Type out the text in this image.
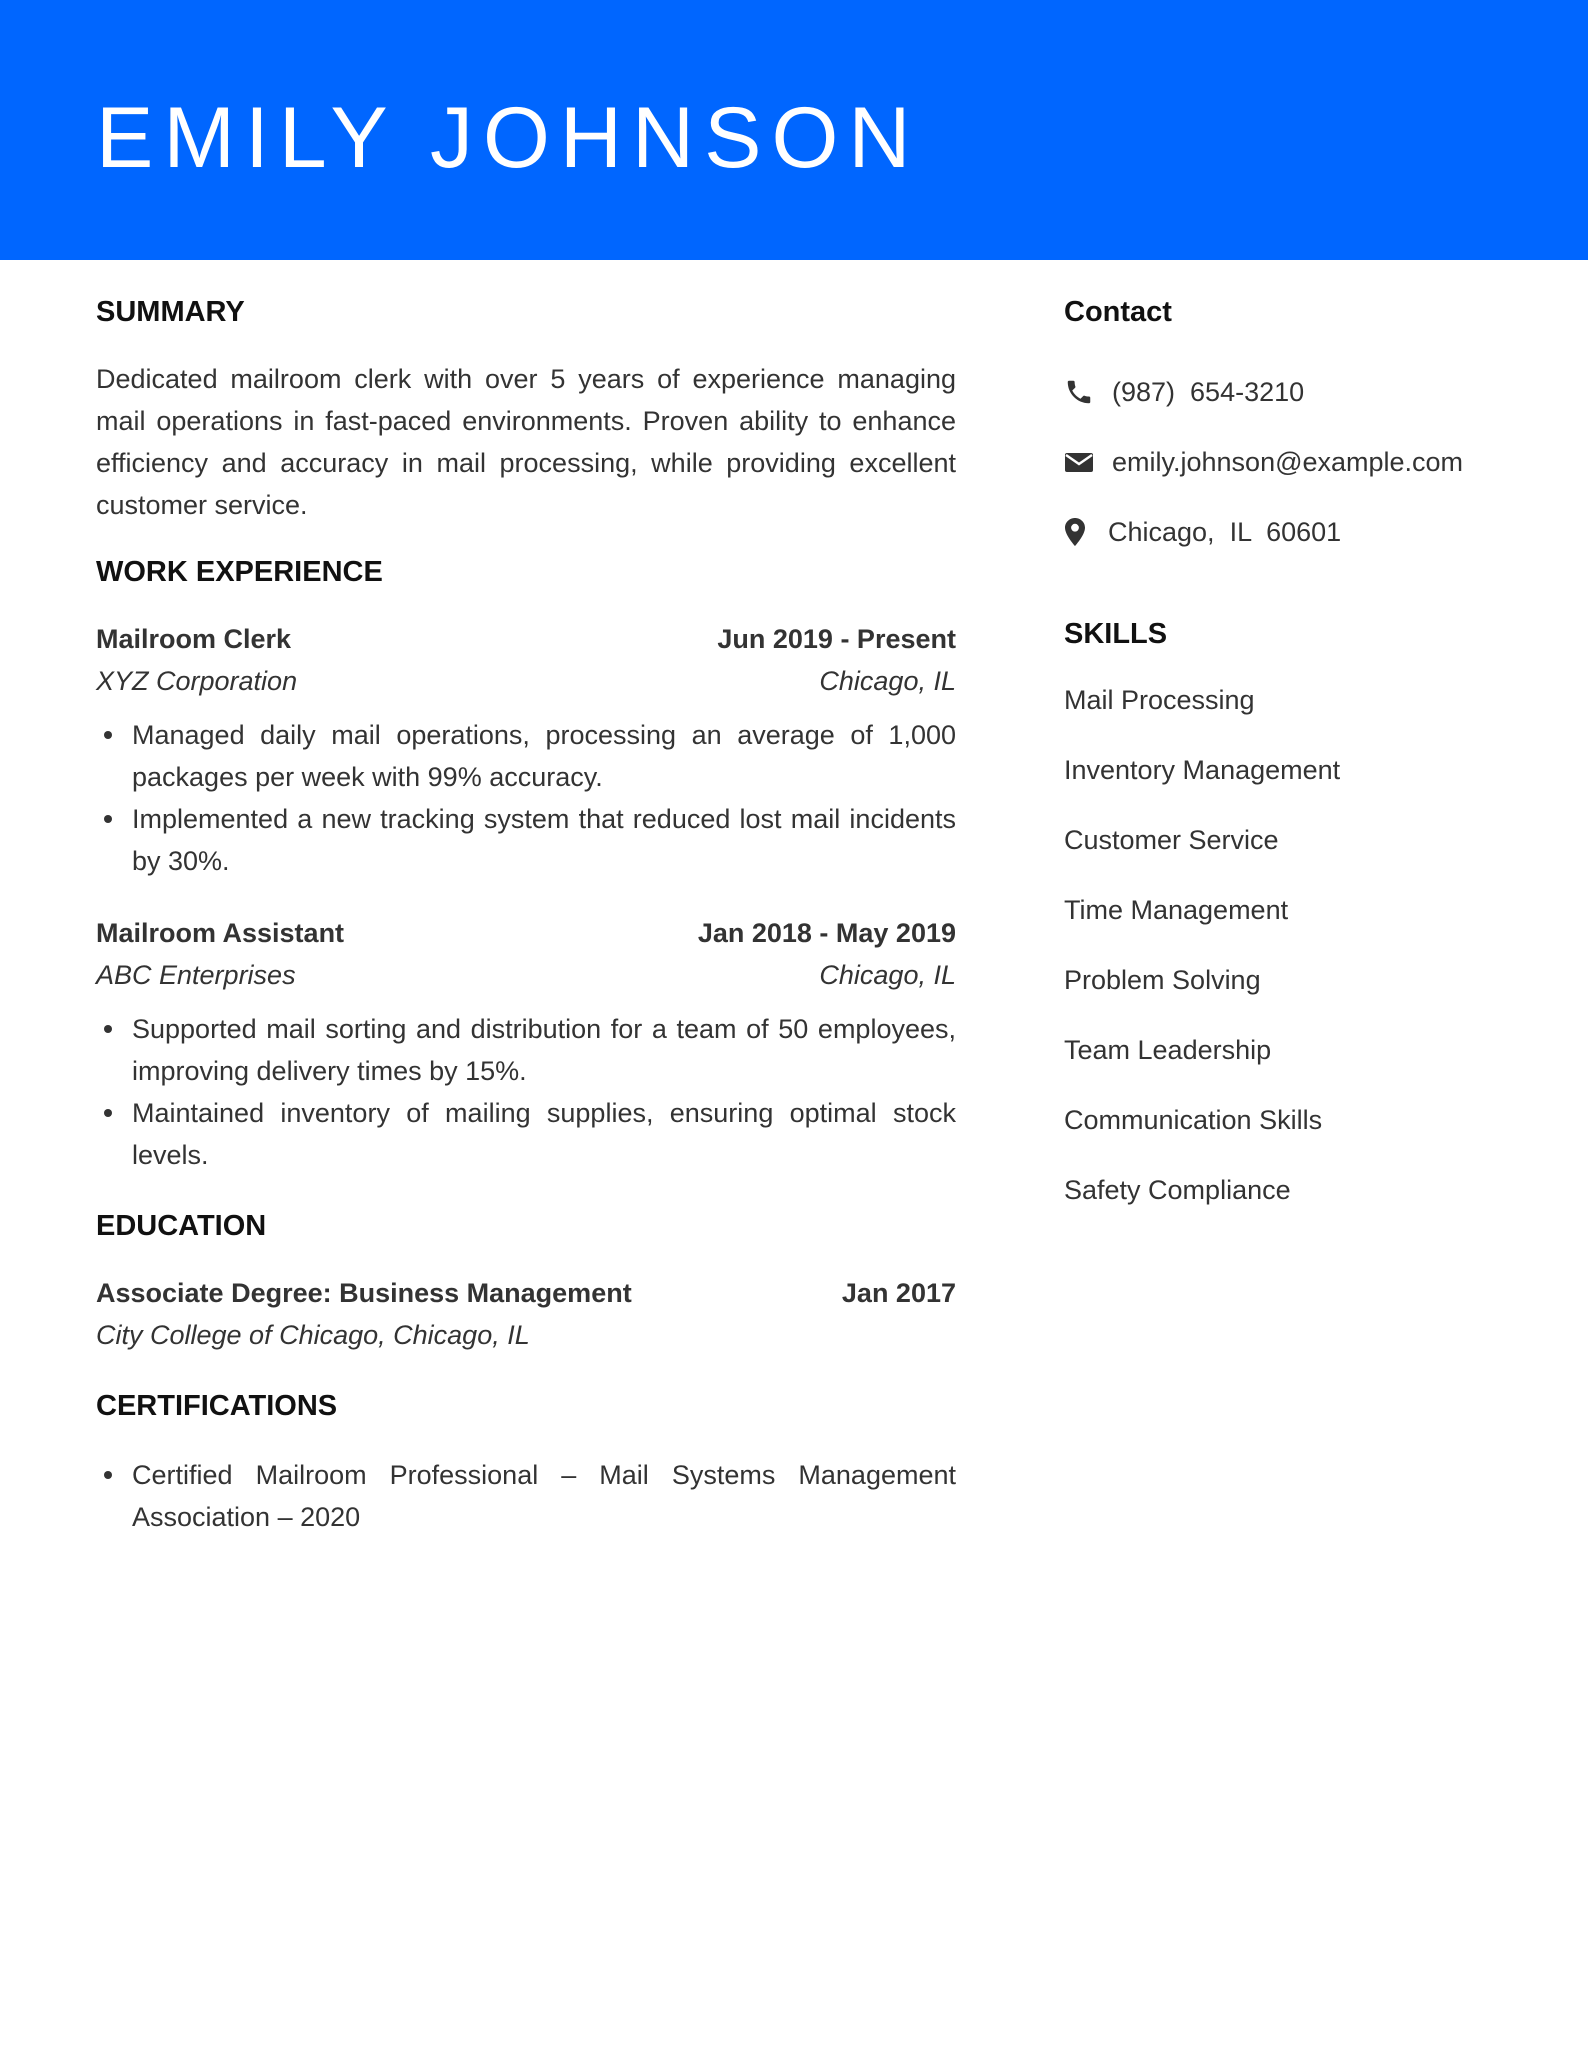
EMILY JOHNSON
SUMMARY

Dedicated mailroom clerk with over 5 years of experience managing mail operations in fast-paced environments. Proven ability to enhance efficiency and accuracy in mail processing, while providing excellent customer service.

WORK EXPERIENCE
Mailroom Clerk	Jun 2019 - Present
XYZ Corporation	Chicago, IL
Managed daily mail operations, processing an average of 1,000 packages per week with 99% accuracy.
Implemented a new tracking system that reduced lost mail incidents by 30%.
Mailroom Assistant	Jan 2018 - May 2019
ABC Enterprises	Chicago, IL
Supported mail sorting and distribution for a team of 50 employees, improving delivery times by 15%.
Maintained inventory of mailing supplies, ensuring optimal stock levels.
EDUCATION
Associate Degree: Business Management	Jan 2017
City College of Chicago, Chicago, IL
CERTIFICATIONS
Certified Mailroom Professional – Mail Systems Management Association – 2020
Contact
(987)  654-3210
emily.johnson@example.com
Chicago,  IL  60601
SKILLS
Mail Processing
Inventory Management
Customer Service
Time Management
Problem Solving
Team Leadership
Communication Skills
Safety Compliance
